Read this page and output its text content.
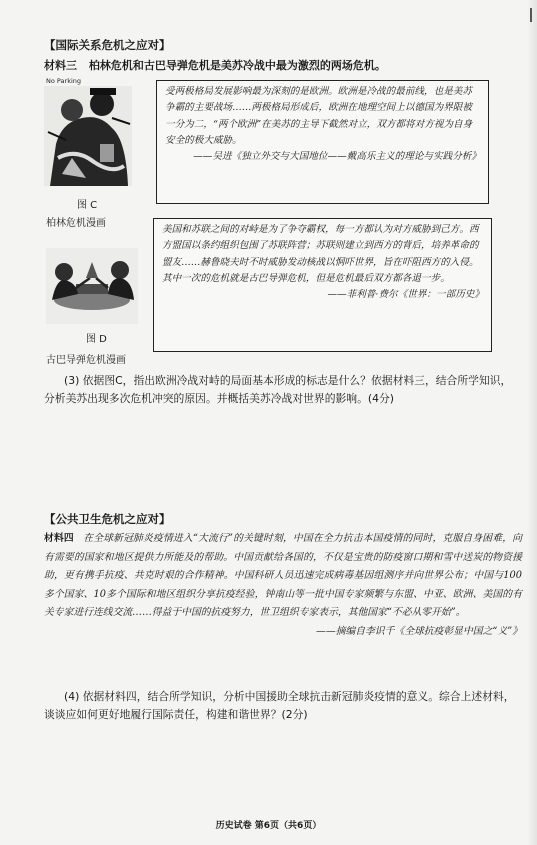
【国际关系危机之应对】
材料三 柏林危机和古巴导弹危机是美苏冷战中最为激烈的两场危机。
No Parking
图 C
柏林危机漫画
受两极格局发展影响最为深刻的是欧洲。欧洲是冷战的最前线，也是美苏争霸的主要战场……两极格局形成后，欧洲在地理空间上以德国为界限被一分为二，“两个欧洲”在美苏的主导下截然对立，双方都将对方视为自身安全的极大威胁。
——吴进《独立外交与大国地位——戴高乐主义的理论与实践分析》
图 D
古巴导弹危机漫画
美国和苏联之间的对峙是为了争夺霸权，每一方都认为对方威胁到己方。西方盟国以条约组织包围了苏联阵营；苏联则建立到西方的背后，培养革命的盟友……赫鲁晓夫时不时威胁发动核战以恫吓世界，旨在吓阻西方的入侵。其中一次的危机就是古巴导弹危机，但是危机最后双方都各退一步。
——菲利普·费尔《世界：一部历史》
(3) 依据图C，指出欧洲冷战对峙的局面基本形成的标志是什么？依据材料三，结合所学知识，分析美苏出现多次危机冲突的原因。并概括美苏冷战对世界的影响。(4分)
【公共卫生危机之应对】
材料四 在全球新冠肺炎疫情进入“大流行”的关键时刻，中国在全力抗击本国疫情的同时，克服自身困难，向有需要的国家和地区提供力所能及的帮助。中国贡献给各国的，不仅是宝贵的防疫窗口期和雪中送炭的物资援助，更有携手抗疫、共克时艰的合作精神。中国科研人员迅速完成病毒基因组测序并向世界公布；中国与100多个国家、10多个国际和地区组织分享抗疫经验，钟南山等一批中国专家频繁与东盟、中亚、欧洲、美国的有关专家进行连线交流……得益于中国的抗疫努力，世卫组织专家表示，其他国家“不必从零开始”。
——摘编自李识千《全球抗疫彰显中国之“义”》
(4) 依据材料四，结合所学知识，分析中国援助全球抗击新冠肺炎疫情的意义。综合上述材料，谈谈应如何更好地履行国际责任，构建和谐世界？(2分)
历史试卷 第6页（共6页）
